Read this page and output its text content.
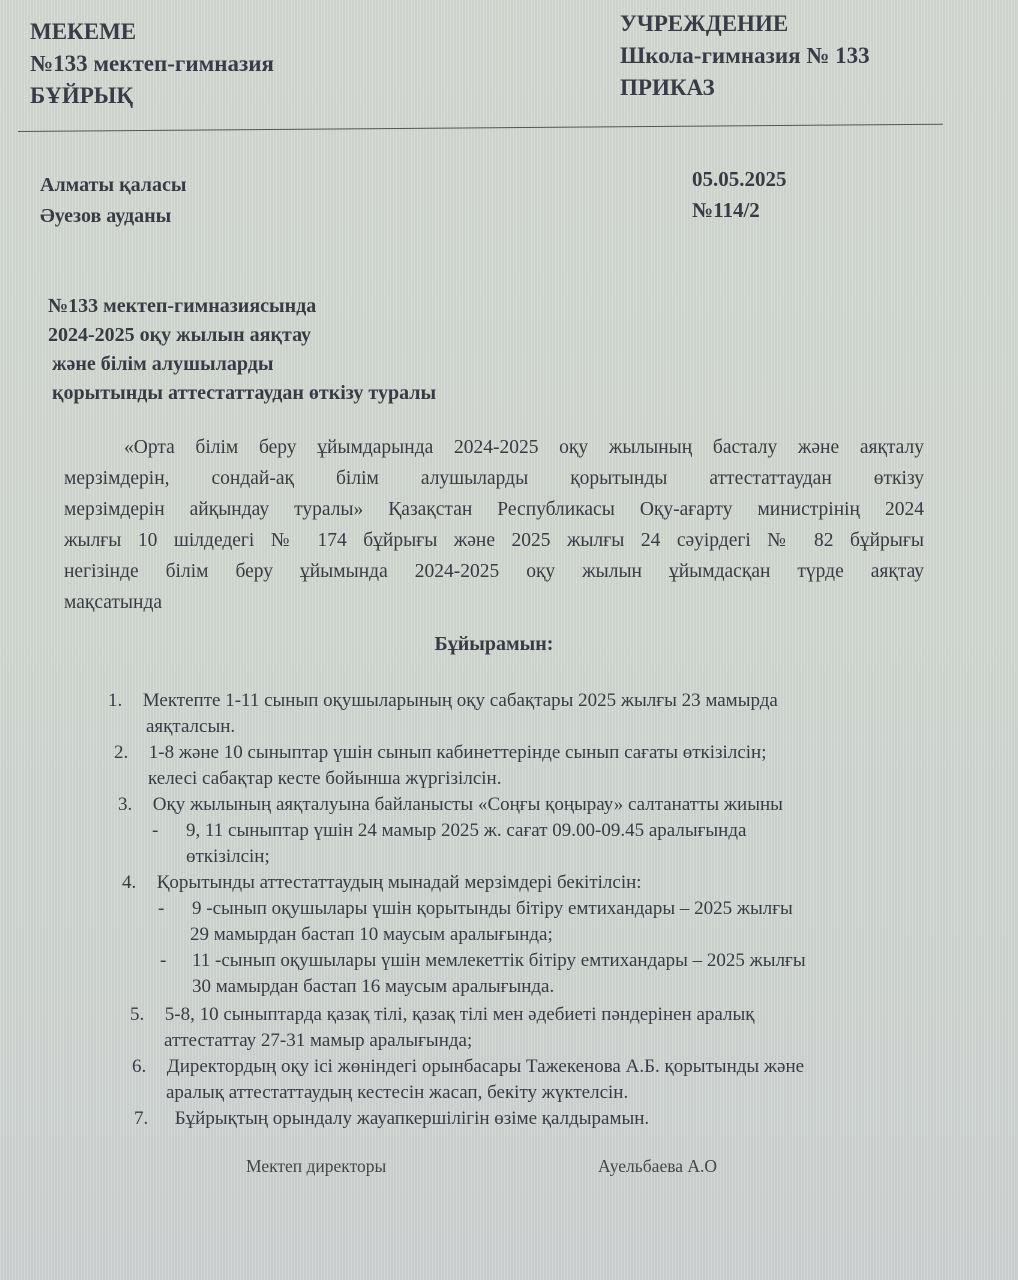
МЕКЕМЕ
№133 мектеп-гимназия
БҰЙРЫҚ
УЧРЕЖДЕНИЕ
Школа-гимназия № 133
ПРИКАЗ
Алматы қаласы
Әуезов ауданы
05.05.2025
№114/2
№133 мектеп-гимназиясында
2024-2025 оқу жылын аяқтау
және білім алушыларды
қорытынды аттестаттаудан өткізу туралы
«Орта білім беру ұйымдарында 2024-2025 оқу жылының басталу және аяқталу
мерзімдерін, сондай-ақ білім алушыларды қорытынды аттестаттаудан өткізу
мерзімдерін айқындау туралы» Қазақстан Республикасы Оқу-ағарту министрінің 2024
жылғы 10 шілдедегі № 174 бұйрығы және 2025 жылғы 24 сәуірдегі № 82 бұйрығы
негізінде білім беру ұйымында 2024-2025 оқу жылын ұйымдасқан түрде аяқтау
мақсатында
Бұйырамын:
1. Мектепте 1-11 сынып оқушыларының оқу сабақтары 2025 жылғы 23 мамырда
аяқталсын.
2. 1-8 және 10 сыныптар үшін сынып кабинеттерінде сынып сағаты өткізілсін;
келесі сабақтар кесте бойынша жүргізілсін.
3. Оқу жылының аяқталуына байланысты «Соңғы қоңырау» салтанатты жиыны
- 9, 11 сыныптар үшін 24 мамыр 2025 ж. сағат 09.00-09.45 аралығында
өткізілсін;
4. Қорытынды аттестаттаудың мынадай мерзімдері бекітілсін:
- 9 -сынып оқушылары үшін қорытынды бітіру емтихандары – 2025 жылғы
29 мамырдан бастап 10 маусым аралығында;
- 11 -сынып оқушылары үшін мемлекеттік бітіру емтихандары – 2025 жылғы
30 мамырдан бастап 16 маусым аралығында.
5. 5-8, 10 сыныптарда қазақ тілі, қазақ тілі мен әдебиеті пәндерінен аралық
аттестаттау 27-31 мамыр аралығында;
6. Директордың оқу ісі жөніндегі орынбасары Тажекенова А.Б. қорытынды және
аралық аттестаттаудың кестесін жасап, бекіту жүктелсін.
7. Бұйрықтың орындалу жауапкершілігін өзіме қалдырамын.
Мектеп директоры	Ауельбаева А.О
